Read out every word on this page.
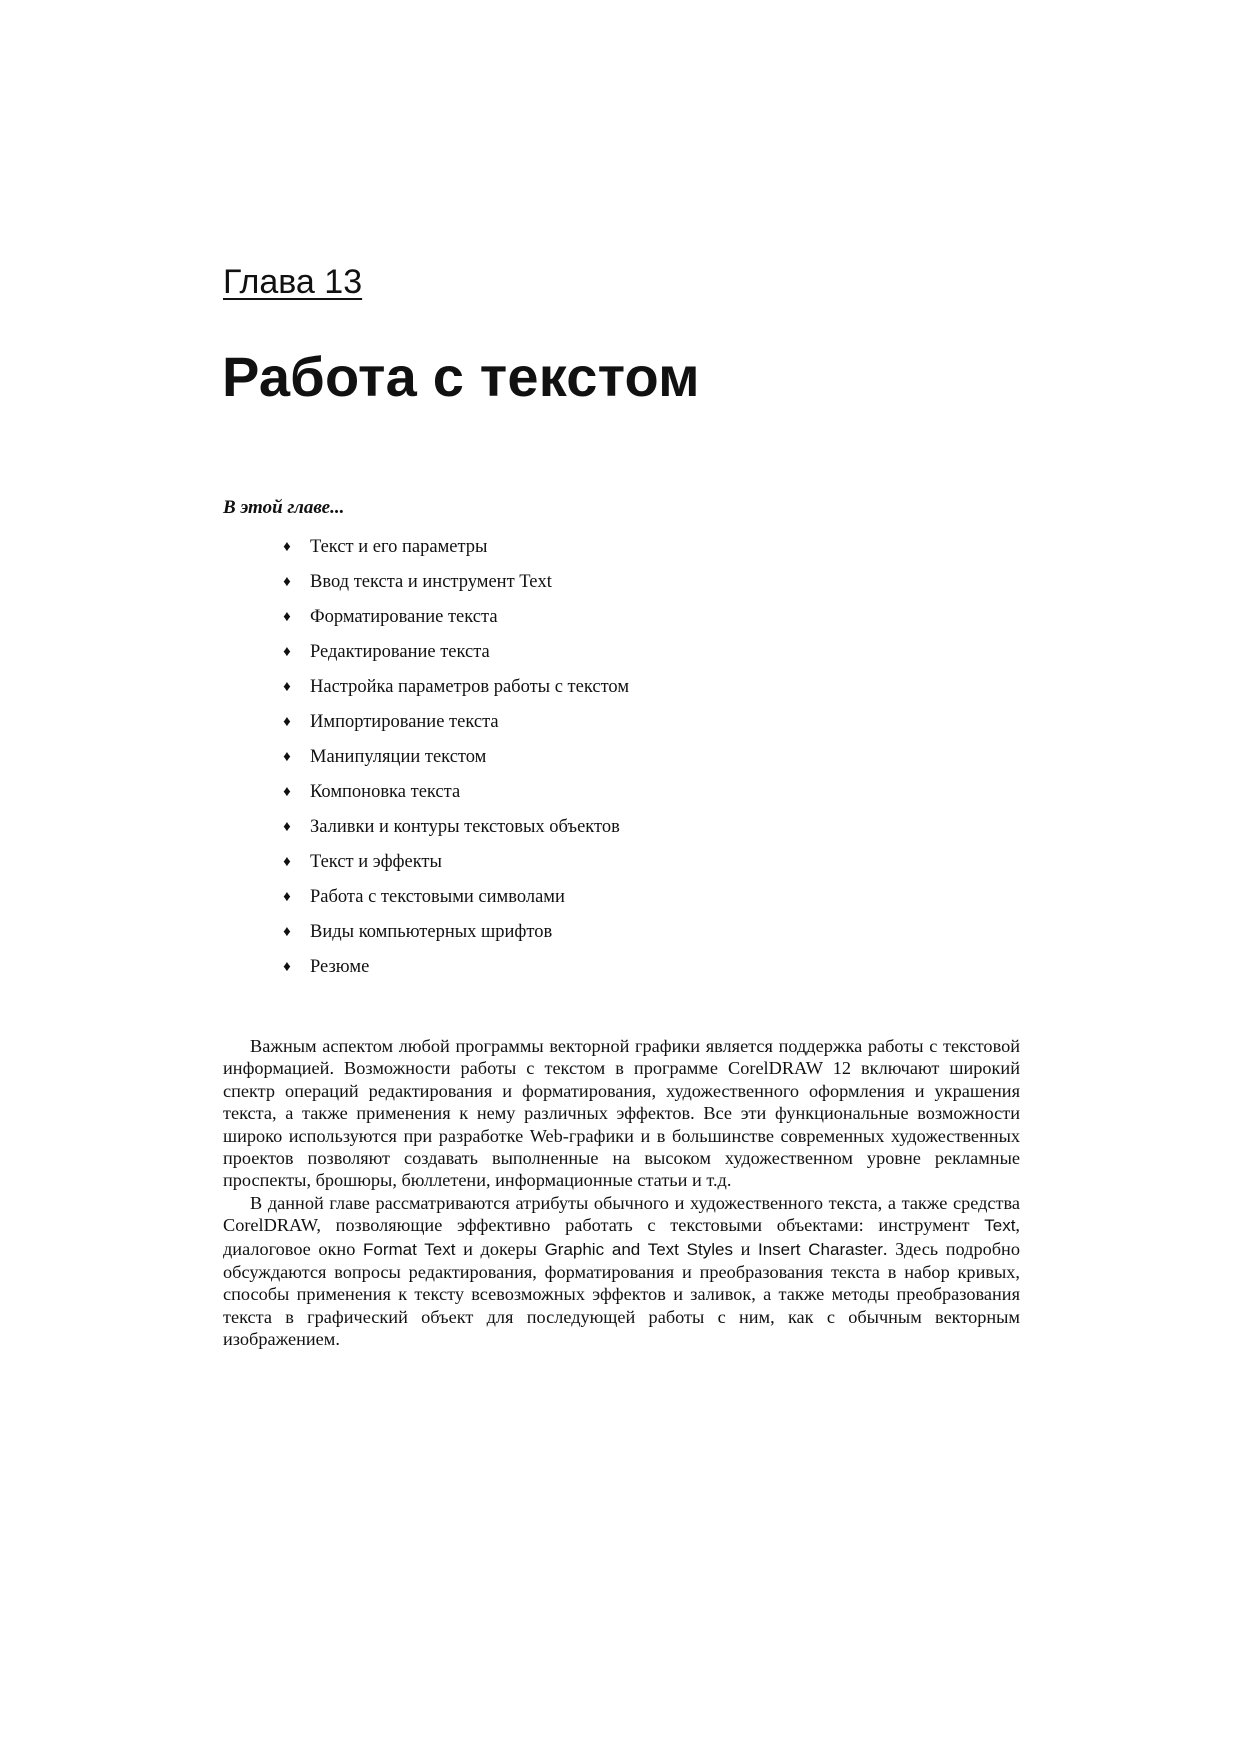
Глава 13
Работа с текстом
В этой главе...
♦ Текст и его параметры
♦ Ввод текста и инструмент Text
♦ Форматирование текста
♦ Редактирование текста
♦ Настройка параметров работы с текстом
♦ Импортирование текста
♦ Манипуляции текстом
♦ Компоновка текста
♦ Заливки и контуры текстовых объектов
♦ Текст и эффекты
♦ Работа с текстовыми символами
♦ Виды компьютерных шрифтов
♦ Резюме

Важным аспектом любой программы векторной графики является поддержка работы с текстовой информацией. Возможности работы с текстом в программе CorelDRAW 12 включают широкий спектр операций редактирования и форматирования, художественного оформления и украшения текста, а также применения к нему различных эффектов. Все эти функциональные возможности широко используются при разработке Web-графики и в большинстве современных художественных проектов позволяют создавать выполненные на высоком художественном уровне рекламные проспекты, брошюры, бюллетени, информационные статьи и т.д.

В данной главе рассматриваются атрибуты обычного и художественного текста, а также средства CorelDRAW, позволяющие эффективно работать с текстовыми объектами: инструмент Text, диалоговое окно Format Text и докеры Graphic and Text Styles и Insert Charaster. Здесь подробно обсуждаются вопросы редактирования, форматирования и преобразования текста в набор кривых, способы применения к тексту всевозможных эффектов и заливок, а также методы преобразования текста в графический объект для последующей работы с ним, как с обычным векторным изображением.
